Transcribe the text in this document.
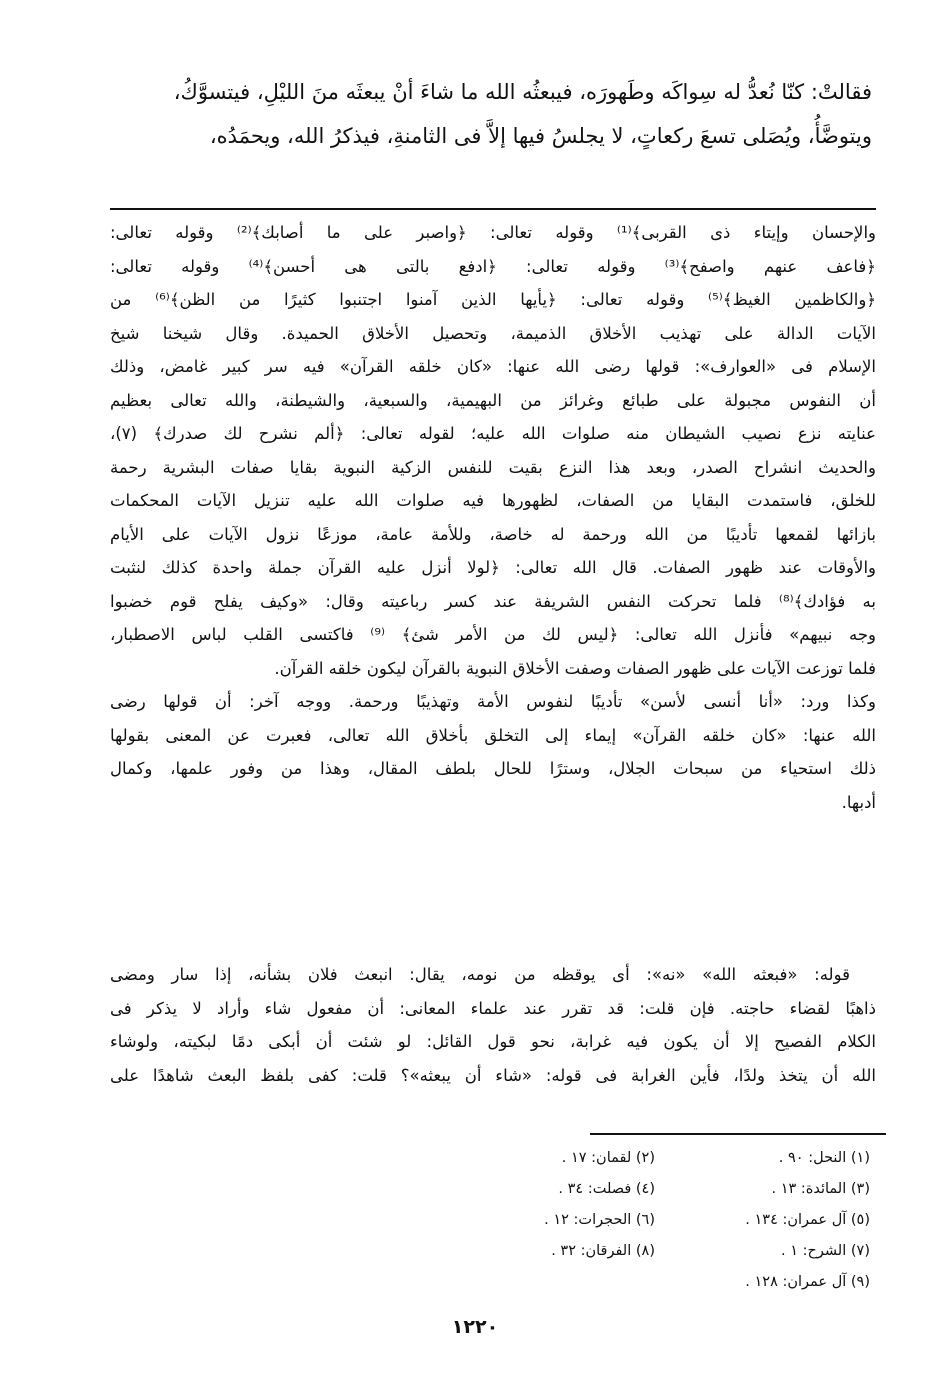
فقالتْ: كنّا نُعدُّ له سِواكَه وطَهورَه، فيبعثُه الله ما شاءَ أنْ يبعثَه منَ الليْلِ، فيتسوَّكُ،
ويتوضَّأُ، ويُصَلى تسعَ ركعاتٍ، لا يجلسُ فيها إلاَّ فى الثامنةِ، فيذكرُ الله، ويحمَدُه،
والإحسان وإيتاء ذى القربى﴾⁽¹⁾ وقوله تعالى: ﴿واصبر على ما أصابك﴾⁽²⁾ وقوله تعالى:
﴿فاعف عنهم واصفح﴾⁽³⁾ وقوله تعالى: ﴿ادفع بالتى هى أحسن﴾⁽⁴⁾ وقوله تعالى:
﴿والكاظمين الغيظ﴾⁽⁵⁾ وقوله تعالى: ﴿يأيها الذين آمنوا اجتنبوا كثيرًا من الظن﴾⁽⁶⁾ من
الآيات الدالة على تهذيب الأخلاق الذميمة، وتحصيل الأخلاق الحميدة. وقال شيخنا شيخ
الإسلام فى «العوارف»: قولها رضى الله عنها: «كان خلقه القرآن» فيه سر كبير غامض، وذلك
أن النفوس مجبولة على طبائع وغرائز من البهيمية، والسبعية، والشيطنة، والله تعالى بعظيم
عنايته نزع نصيب الشيطان منه صلوات الله عليه؛ لقوله تعالى: ﴿ألم نشرح لك صدرك﴾ (٧)،
والحديث انشراح الصدر، وبعد هذا النزع بقيت للنفس الزكية النبوية بقايا صفات البشرية رحمة
للخلق، فاستمدت البقايا من الصفات، لظهورها فيه صلوات الله عليه تنزيل الآيات المحكمات
بازائها لقمعها تأديبًا من الله ورحمة له خاصة، وللأمة عامة، موزعًا نزول الآيات على الأيام
والأوقات عند ظهور الصفات. قال الله تعالى: ﴿لولا أنزل عليه القرآن جملة واحدة كذلك لنثبت
به فؤادك﴾⁽⁸⁾ فلما تحركت النفس الشريفة عند كسر رباعيته وقال: «وكيف يفلح قوم خضبوا
وجه نبيهم» فأنزل الله تعالى: ﴿ليس لك من الأمر شئ﴾ ⁽⁹⁾ فاكتسى القلب لباس الاصطبار،
فلما توزعت الآيات على ظهور الصفات وصفت الأخلاق النبوية بالقرآن ليكون خلقه القرآن.
وكذا ورد: «أنا أنسى لأسن» تأديبًا لنفوس الأمة وتهذيبًا ورحمة. ووجه آخر: أن قولها رضى
الله عنها: «كان خلقه القرآن» إيماء إلى التخلق بأخلاق الله تعالى، فعبرت عن المعنى بقولها
ذلك استحياء من سبحات الجلال، وسترًا للحال بلطف المقال، وهذا من وفور علمها، وكمال
أدبها.
قوله: «فبعثه الله» «نه»: أى يوقظه من نومه، يقال: انبعث فلان بشأنه، إذا سار ومضى
ذاهبًا لقضاء حاجته. فإن قلت: قد تقرر عند علماء المعانى: أن مفعول شاء وأراد لا يذكر فى
الكلام الفصيح إلا أن يكون فيه غرابة، نحو قول القائل: لو شئت أن أبكى دمًا لبكيته، ولوشاء
الله أن يتخذ ولدًا، فأين الغرابة فى قوله: «شاء أن يبعثه»؟ قلت: كفى بلفظ البعث شاهدًا على
(١) النحل: ٩٠ .
(٢) لقمان: ١٧ .
(٣) المائدة: ١٣ .
(٤) فصلت: ٣٤ .
(٥) آل عمران: ١٣٤ .
(٦) الحجرات: ١٢ .
(٧) الشرح: ١ .
(٨) الفرقان: ٣٢ .
(٩) آل عمران: ١٢٨ .
١٢٢٠
